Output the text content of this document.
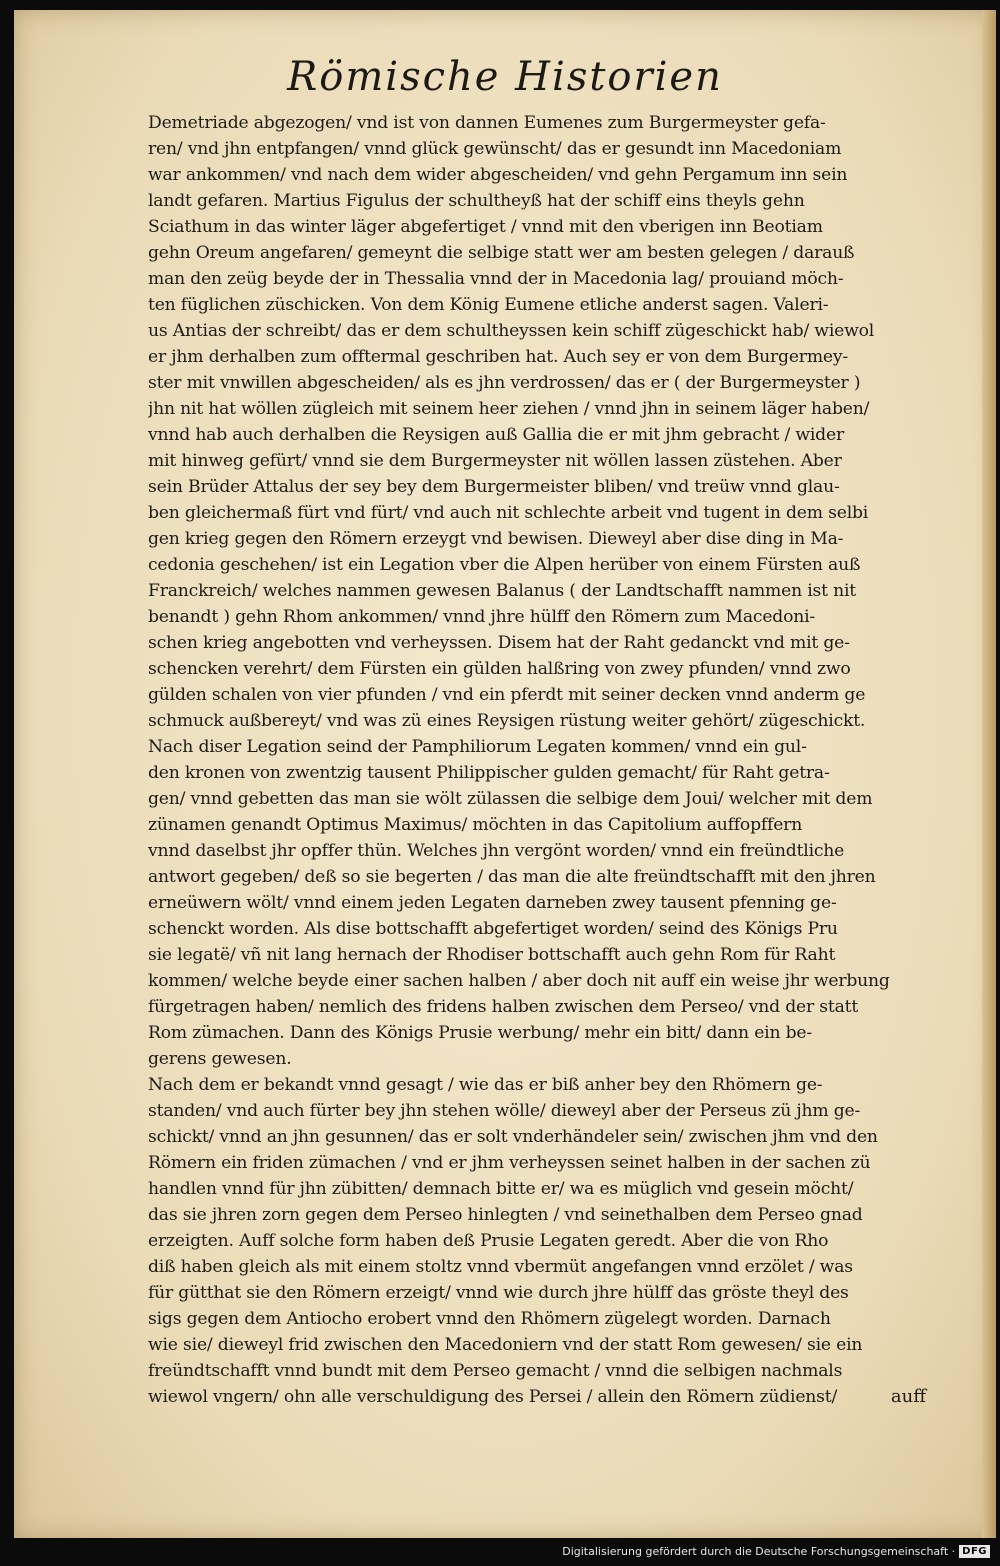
Römische Historien
Demetriade abgezogen/ vnd ist von dannen Eumenes zum Burgermeyster gefa-
ren/ vnd jhn entpfangen/ vnnd glück gewünscht/ das er gesundt inn Macedoniam
war ankommen/ vnd nach dem wider abgescheiden/ vnd gehn Pergamum inn sein
landt gefaren. Martius Figulus der schultheyß hat der schiff eins theyls gehn
Sciathum in das winter läger abgefertiget / vnnd mit den vberigen inn Beotiam
gehn Oreum angefaren/ gemeynt die selbige statt wer am besten gelegen / darauß
man den zeüg beyde der in Thessalia vnnd der in Macedonia lag/ prouiand möch-
ten füglichen züschicken. Von dem König Eumene etliche anderst sagen. Valeri-
us Antias der schreibt/ das er dem schultheyssen kein schiff zügeschickt hab/ wiewol
er jhm derhalben zum offtermal geschriben hat. Auch sey er von dem Burgermey-
ster mit vnwillen abgescheiden/ als es jhn verdrossen/ das er ( der Burgermeyster )
jhn nit hat wöllen zügleich mit seinem heer ziehen / vnnd jhn in seinem läger haben/
vnnd hab auch derhalben die Reysigen auß Gallia die er mit jhm gebracht / wider
mit hinweg gefürt/ vnnd sie dem Burgermeyster nit wöllen lassen züstehen. Aber
sein Brüder Attalus der sey bey dem Burgermeister bliben/ vnd treüw vnnd glau-
ben gleichermaß fürt vnd fürt/ vnd auch nit schlechte arbeit vnd tugent in dem selbi
gen krieg gegen den Römern erzeygt vnd bewisen. Dieweyl aber dise ding in Ma-
cedonia geschehen/ ist ein Legation vber die Alpen herüber von einem Fürsten auß
Franckreich/ welches nammen gewesen Balanus ( der Landtschafft nammen ist nit
benandt ) gehn Rhom ankommen/ vnnd jhre hülff den Römern zum Macedoni-
schen krieg angebotten vnd verheyssen. Disem hat der Raht gedanckt vnd mit ge-
schencken verehrt/ dem Fürsten ein gülden halßring von zwey pfunden/ vnnd zwo
gülden schalen von vier pfunden / vnd ein pferdt mit seiner decken vnnd anderm ge
schmuck außbereyt/ vnd was zü eines Reysigen rüstung weiter gehört/ zügeschickt.
Nach diser Legation seind der Pamphiliorum Legaten kommen/ vnnd ein gul-
den kronen von zwentzig tausent Philippischer gulden gemacht/ für Raht getra-
gen/ vnnd gebetten das man sie wölt zülassen die selbige dem Joui/ welcher mit dem
zünamen genandt Optimus Maximus/ möchten in das Capitolium auffopffern
vnnd daselbst jhr opffer thün. Welches jhn vergönt worden/ vnnd ein freündtliche
antwort gegeben/ deß so sie begerten / das man die alte freündtschafft mit den jhren
erneüwern wölt/ vnnd einem jeden Legaten darneben zwey tausent pfenning ge-
schenckt worden. Als dise bottschafft abgefertiget worden/ seind des Königs Pru
sie legatë/ vñ nit lang hernach der Rhodiser bottschafft auch gehn Rom für Raht
kommen/ welche beyde einer sachen halben / aber doch nit auff ein weise jhr werbung
fürgetragen haben/ nemlich des fridens halben zwischen dem Perseo/ vnd der statt
Rom zümachen. Dann des Königs Prusie werbung/ mehr ein bitt/ dann ein be-
gerens gewesen.
Nach dem er bekandt vnnd gesagt / wie das er biß anher bey den Rhömern ge-
standen/ vnd auch fürter bey jhn stehen wölle/ dieweyl aber der Perseus zü jhm ge-
schickt/ vnnd an jhn gesunnen/ das er solt vnderhändeler sein/ zwischen jhm vnd den
Römern ein friden zümachen / vnd er jhm verheyssen seinet halben in der sachen zü
handlen vnnd für jhn zübitten/ demnach bitte er/ wa es müglich vnd gesein möcht/
das sie jhren zorn gegen dem Perseo hinlegten / vnd seinethalben dem Perseo gnad
erzeigten. Auff solche form haben deß Prusie Legaten geredt. Aber die von Rho
diß haben gleich als mit einem stoltz vnnd vbermüt angefangen vnnd erzölet / was
für gütthat sie den Römern erzeigt/ vnnd wie durch jhre hülff das gröste theyl des
sigs gegen dem Antiocho erobert vnnd den Rhömern zügelegt worden. Darnach
wie sie/ dieweyl frid zwischen den Macedoniern vnd der statt Rom gewesen/ sie ein
freündtschafft vnnd bundt mit dem Perseo gemacht / vnnd die selbigen nachmals
wiewol vngern/ ohn alle verschuldigung des Persei / allein den Römern züdienst/	auff
Digitalisierung gefördert durch die Deutsche Forschungsgemeinschaft · DFG
